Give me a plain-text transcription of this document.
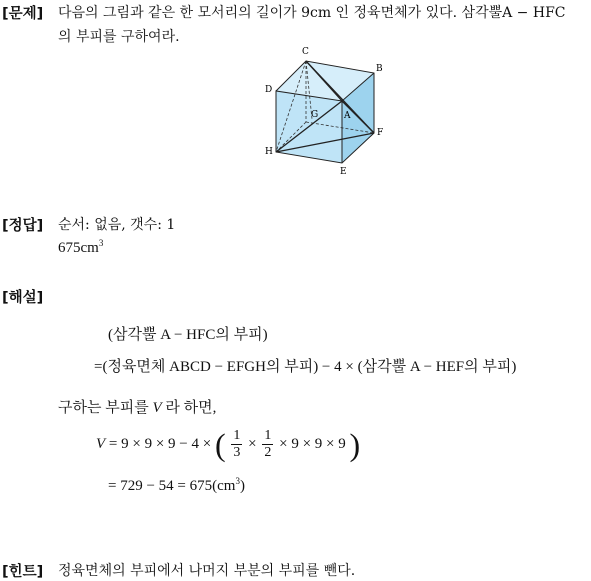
[문제] 다음의 그림과 같은 한 모서리의 길이가 9cm 인 정육면체가 있다. 삼각뿔A − HFC
의 부피를 구하여라.
C
B
D
G	A
F
H
E
[정답] 순서: 없음, 갯수: 1
$675cm^3$
[해설]
(삼각뿔 A − HFC의 부피)
=(정육면체 ABCD − EFGH의 부피) − 4 × (삼각뿔 A − HEF의 부피)
구하는 부피를 V 라 하면,
V = 9 × 9 × 9 − 4 × ( $\frac{1}{3} \times \frac{1}{2} \times 9 \times 9 \times 9$ )
= $729 - 54 = 675(cm^3)$
[힌트] 정육면체의 부피에서 나머지 부분의 부피를 뺀다.
